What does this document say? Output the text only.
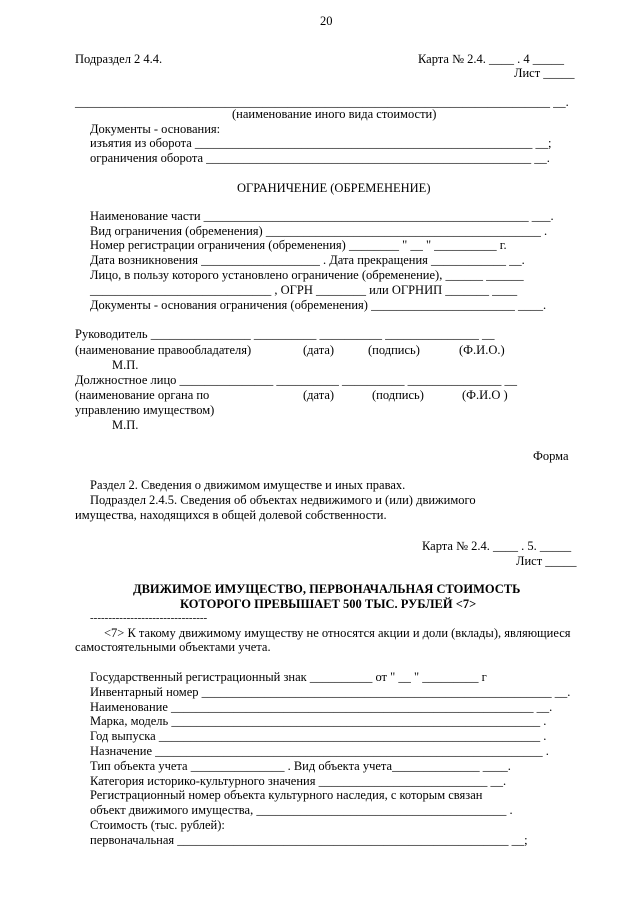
20
Подраздел 2 4.4.	Карта № 2.4. ____ . 4 _____
Лист _____
____________________________________________________________________________ __.
(наименование иного вида стоимости)
Документы - основания:
изъятия из оборота ______________________________________________________ __;
ограничения оборота ____________________________________________________ __.
ОГРАНИЧЕНИЕ (ОБРЕМЕНЕНИЕ)
Наименование части ____________________________________________________ ___.
Вид ограничения (обременения) ____________________________________________ .
Номер регистрации ограничения (обременения) ________ " __ " __________ г.
Дата возникновения ___________________ . Дата прекращения ____________ __.
Лицо, в пользу которого установлено ограничение (обременение), ______ ______
_____________________________ , ОГРН ________ или ОГРНИП _______ ____
Документы - основания ограничения (обременения) _______________________ ____.
Руководитель ________________ __________ __________ _______________ __
(наименование правообладателя)	(дата)	(подпись)	(Ф.И.О.)
М.П.
Должностное лицо _______________ __________ __________ _______________ __
(наименование органа по	(дата)	(подпись)	(Ф.И.О )
управлению имуществом)
М.П.
Форма
Раздел 2. Сведения о движимом имуществе и иных правах.
Подраздел 2.4.5. Сведения об объектах недвижимого и (или) движимого
имущества, находящихся в общей долевой собственности.
Карта № 2.4. ____ . 5. _____
Лист _____
ДВИЖИМОЕ ИМУЩЕСТВО, ПЕРВОНАЧАЛЬНАЯ СТОИМОСТЬ
КОТОРОГО ПРЕВЫШАЕТ 500 ТЫС. РУБЛЕЙ <7>
--------------------------------
<7> К такому движимому имуществу не относятся акции и доли (вклады), являющиеся
самостоятельными объектами учета.
Государственный регистрационный знак __________ от " __ " _________ г
Инвентарный номер ________________________________________________________ __.
Наименование __________________________________________________________ __.
Марка, модель ___________________________________________________________ .
Год выпуска _____________________________________________________________ .
Назначение ______________________________________________________________ .
Тип объекта учета _______________ . Вид объекта учета______________ ____.
Категория историко-культурного значения ___________________________ __.
Регистрационный номер объекта культурного наследия, с которым связан
объект движимого имущества, ________________________________________ .
Стоимость (тыс. рублей):
первоначальная _____________________________________________________ __;
